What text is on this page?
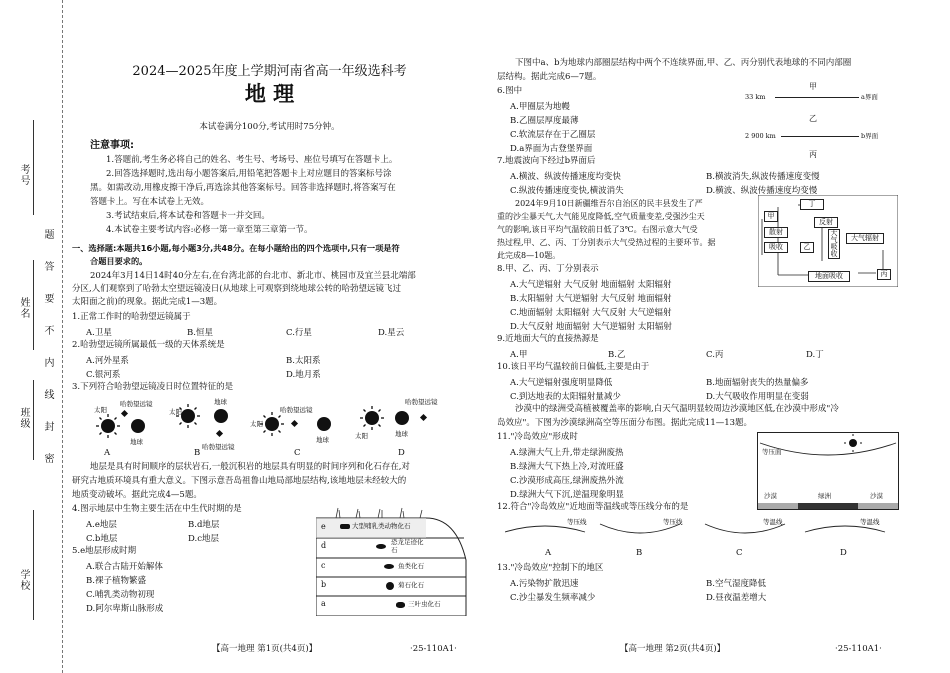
考号
姓名
班级
学校
题
答
要
不
内
线
封
密
2024—2025年度上学期河南省高一年级选科考
地 理
本试卷满分100分,考试用时75分钟。
注意事项:
1.答题前,考生务必将自己的姓名、考生号、考场号、座位号填写在答题卡上。
2.回答选择题时,选出每小题答案后,用铅笔把答题卡上对应题目的答案标号涂
黑。如需改动,用橡皮擦干净后,再选涂其他答案标号。回答非选择题时,将答案写在
答题卡上。写在本试卷上无效。
3.考试结束后,将本试卷和答题卡一并交回。
4.本试卷主要考试内容:必修一第一章至第三章第一节。
一、选择题:本题共16小题,每小题3分,共48分。在每小题给出的四个选项中,只有一项是符
合题目要求的。
2024年3月14日14时40分左右,在台湾北部的台北市、新北市、桃园市及宜兰县北端部
分区,人们观察到了哈勃太空望远镜凌日(从地球上可观察到绕地球公转的哈勃望远镜飞过
太阳面之前)的现象。据此完成1—3题。
1.正常工作时的哈勃望远镜属于
A.卫星	B.恒星	C.行星	D.星云
2.哈勃望远镜所属最低一级的天体系统是
A.河外星系	B.太阳系
C.银河系	D.地月系
3.下列符合哈勃望远镜凌日时位置特征的是
太阳
哈勃望远镜
地球
太阳
地球
哈勃望远镜
太阳
哈勃望远镜
地球	太阳	地球
哈勃望远镜
A	B	C	D
地层是具有时间顺序的层状岩石,一般沉积岩的地层具有明显的时间序列和化石存在,对
研究古地质环境具有重大意义。下图示意吾岛祖鲁山地局部地层结构,该地地层未经较大的
地质变动破坏。据此完成4—5题。
4.图示地层中生物主要生活在中生代时期的是
A.e地层	B.d地层
C.b地层	D.c地层
5.e地层形成时期
A.联合古陆开始解体
B.裸子植物繁盛
C.哺乳类动物初现
D.阿尔卑斯山脉形成
e
d
c
b
a
大型哺乳类动物化石
恐龙足迹化石
鱼类化石
菊石化石
三叶虫化石
【高一地理 第1页(共4页)】	·25-110A1·
下图中a、b为地球内部圈层结构中两个不连续界面,甲、乙、丙分别代表地球的不同内部圈
层结构。据此完成6—7题。
6.图中
A.甲圈层为地幔
B.乙圈层厚度最薄
C.软流层存在于乙圈层
D.a界面为古登堡界面
甲
33 km	a界面
乙
2 900 km	b界面
丙
7.地震波向下经过b界面后
A.横波、纵波传播速度均变快	B.横波消失,纵波传播速度变慢
C.纵波传播速度变快,横波消失	D.横波、纵波传播速度均变慢
2024年9月10日新疆维吾尔自治区的民丰县发生了严
重的沙尘暴天气,大气能见度降低,空气质量变差,受强沙尘天
气的影响,该日平均气温较前日低了3℃。右图示意大气受
热过程,甲、乙、丙、丁分别表示大气受热过程的主要环节。据
此完成8—10题。
丁
散射
吸收
甲
乙
反射
大气吸收
大气辐射
地面吸收	丙
8.甲、乙、丙、丁分别表示
A.大气逆辐射 大气反射 地面辐射 太阳辐射
B.太阳辐射 大气逆辐射 大气反射 地面辐射
C.地面辐射 太阳辐射 大气反射 大气逆辐射
D.大气反射 地面辐射 大气逆辐射 太阳辐射
9.近地面大气的直接热源是
A.甲	B.乙	C.丙	D.丁
10.该日平均气温较前日偏低,主要是由于
A.大气逆辐射强度明显降低	B.地面辐射丧失的热量偏多
C.到达地表的太阳辐射量减少	D.大气吸收作用明显在变弱
沙漠中的绿洲受高植被覆盖率的影响,白天气温明显较周边沙漠地区低,在沙漠中形成"冷
岛效应"。下图为沙漠绿洲高空等压面分布图。据此完成11—13题。
11."冷岛效应"形成时
A.绿洲大气上升,带走绿洲废热
B.绿洲大气下热上冷,对流旺盛
C.沙漠形成高压,绿洲废热外流
D.绿洲大气下沉,逆温现象明显
等压面
沙漠	绿洲	沙漠
12.符合"冷岛效应"近地面等温线或等压线分布的是
等压线	等压线	等温线	等温线
A	B	C	D
13."冷岛效应"控制下的地区
A.污染物扩散迅速	B.空气湿度降低
C.沙尘暴发生频率减少	D.昼夜温差增大
【高一地理 第2页(共4页)】	·25-110A1·
